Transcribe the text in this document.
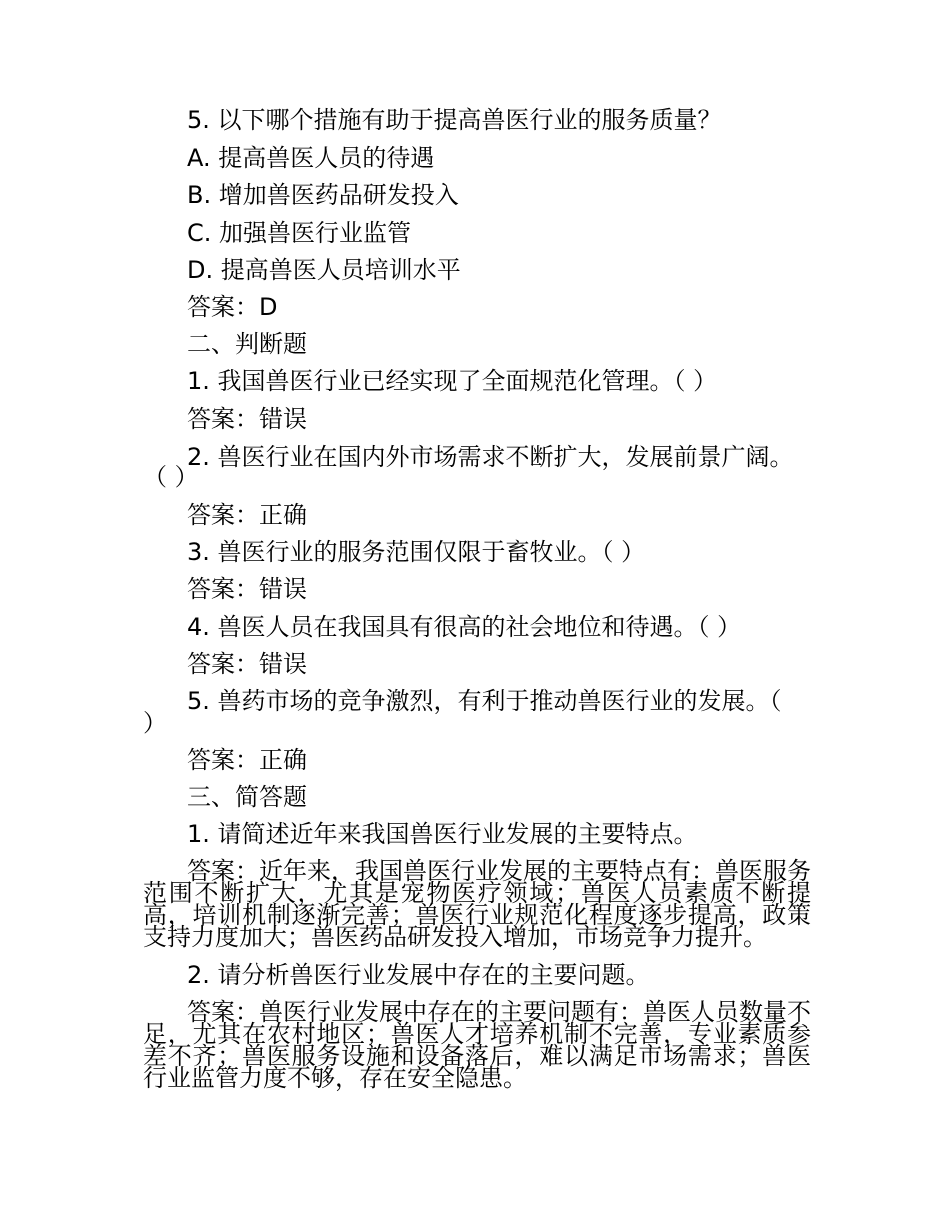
5. 以下哪个措施有助于提高兽医行业的服务质量？
A. 提高兽医人员的待遇
B. 增加兽医药品研发投入
C. 加强兽医行业监管
D. 提高兽医人员培训水平
答案：D
二、判断题
1. 我国兽医行业已经实现了全面规范化管理。（ ）
答案：错误
2. 兽医行业在国内外市场需求不断扩大，发展前景广阔。
（ ）
答案：正确
3. 兽医行业的服务范围仅限于畜牧业。（ ）
答案：错误
4. 兽医人员在我国具有很高的社会地位和待遇。（ ）
答案：错误
5. 兽药市场的竞争激烈，有利于推动兽医行业的发展。（
）
答案：正确
三、简答题
1. 请简述近年来我国兽医行业发展的主要特点。
答案：近年来，我国兽医行业发展的主要特点有：兽医服务范围不断扩大，尤其是宠物医疗领域；兽医人员素质不断提高，培训机制逐渐完善；兽医行业规范化程度逐步提高，政策支持力度加大；兽医药品研发投入增加，市场竞争力提升。
2. 请分析兽医行业发展中存在的主要问题。
答案：兽医行业发展中存在的主要问题有：兽医人员数量不足，尤其在农村地区；兽医人才培养机制不完善，专业素质参差不齐；兽医服务设施和设备落后，难以满足市场需求；兽医行业监管力度不够，存在安全隐患。
